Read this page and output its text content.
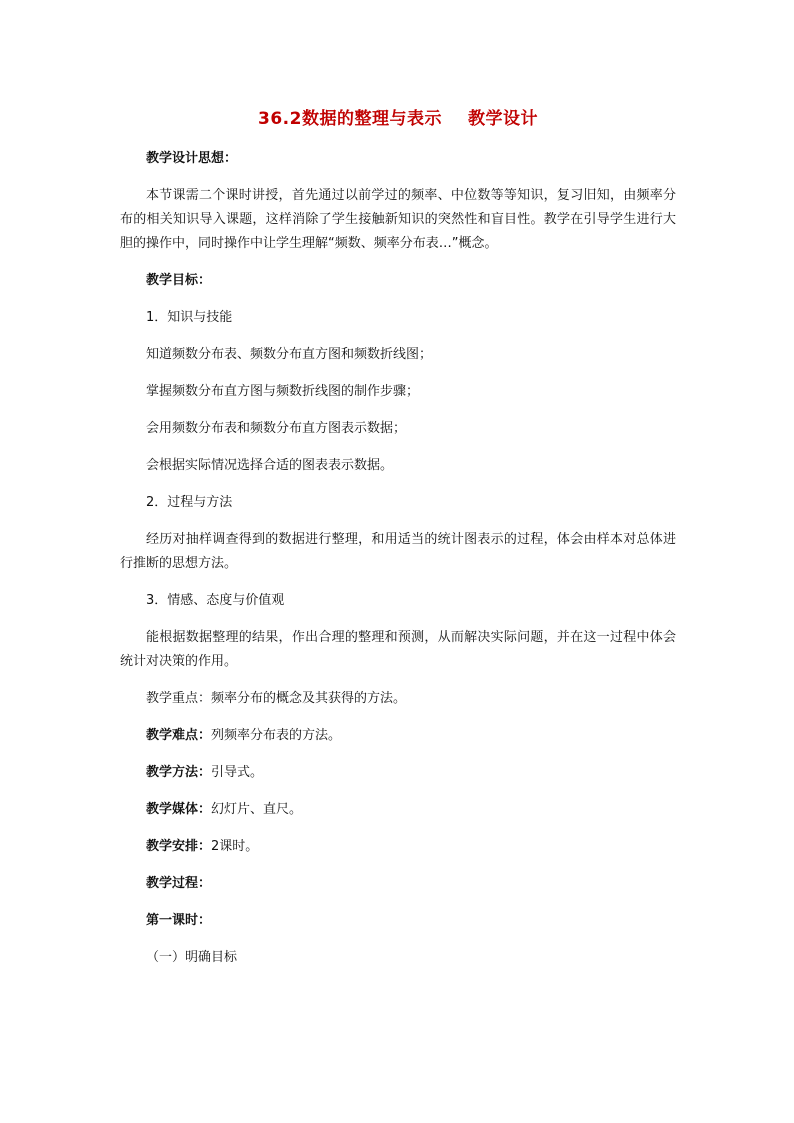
36.2数据的整理与表示 教学设计
教学设计思想：
本节课需二个课时讲授，首先通过以前学过的频率、中位数等等知识，复习旧知，由频率分布的相关知识导入课题，这样消除了学生接触新知识的突然性和盲目性。教学在引导学生进行大胆的操作中，同时操作中让学生理解“频数、频率分布表…”概念。
教学目标：
1．知识与技能
知道频数分布表、频数分布直方图和频数折线图；
掌握频数分布直方图与频数折线图的制作步骤；
会用频数分布表和频数分布直方图表示数据；
会根据实际情况选择合适的图表表示数据。
2．过程与方法
经历对抽样调查得到的数据进行整理，和用适当的统计图表示的过程，体会由样本对总体进行推断的思想方法。
3．情感、态度与价值观
能根据数据整理的结果，作出合理的整理和预测，从而解决实际问题，并在这一过程中体会统计对决策的作用。
教学重点：频率分布的概念及其获得的方法。
教学难点：列频率分布表的方法。
教学方法：引导式。
教学媒体：幻灯片、直尺。
教学安排：2课时。
教学过程：
第一课时：
（一）明确目标
